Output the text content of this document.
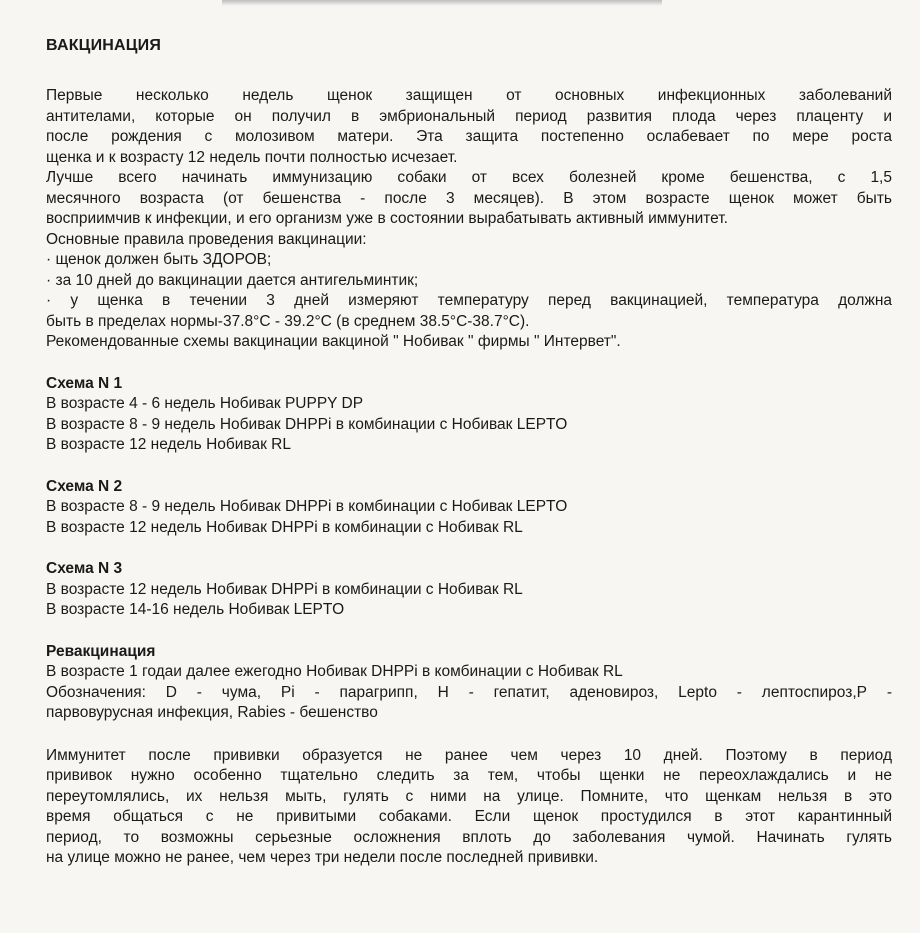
ВАКЦИНАЦИЯ
Первые несколько недель щенок защищен от основных инфекционных заболеваний
антителами, которые он получил в эмбриональный период развития плода через плаценту и
после рождения с молозивом матери. Эта защита постепенно ослабевает по мере роста
щенка и к возрасту 12 недель почти полностью исчезает.
Лучше всего начинать иммунизацию собаки от всех болезней кроме бешенства, с 1,5
месячного возраста (от бешенства - после 3 месяцев). В этом возрасте щенок может быть
восприимчив к инфекции, и его организм уже в состоянии вырабатывать активный иммунитет.
Основные правила проведения вакцинации:
· щенок должен быть ЗДОРОВ;
· за 10 дней до вакцинации дается антигельминтик;
· у щенка в течении 3 дней измеряют температуру перед вакцинацией, температура должна
быть в пределах нормы-37.8°С - 39.2°С (в среднем 38.5°С-38.7°С).
Рекомендованные схемы вакцинации вакциной " Нобивак " фирмы " Интервет".
Схема N 1
В возрасте 4 - 6 недель Нобивак PUPPY DP
В возрасте 8 - 9 недель Нобивак DHPPi в комбинации с Нобивак LEPTO
В возрасте 12 недель Нобивак RL
Схема N 2
В возрасте 8 - 9 недель Нобивак DHPPi в комбинации с Нобивак LEPTO
В возрасте 12 недель Нобивак DHPPi в комбинации с Нобивак RL
Схема N 3
В возрасте 12 недель Нобивак DHPPi в комбинации с Нобивак RL
В возрасте 14-16 недель Нобивак LEPTO
Ревакцинация
В возрасте 1 годаи далее ежегодно Нобивак DHPPi в комбинации с Нобивак RL
Обозначения: D - чума, Pi - парагрипп, H - гепатит, аденовироз, Lepto - лептоспироз,Р -
парвовурусная инфекция, Rabies - бешенство
Иммунитет после прививки образуется не ранее чем через 10 дней. Поэтому в период
прививок нужно особенно тщательно следить за тем, чтобы щенки не переохлаждались и не
переутомлялись, их нельзя мыть, гулять с ними на улице. Помните, что щенкам нельзя в это
время общаться с не привитыми собаками. Если щенок простудился в этот карантинный
период, то возможны серьезные осложнения вплоть до заболевания чумой. Начинать гулять
на улице можно не ранее, чем через три недели после последней прививки.
